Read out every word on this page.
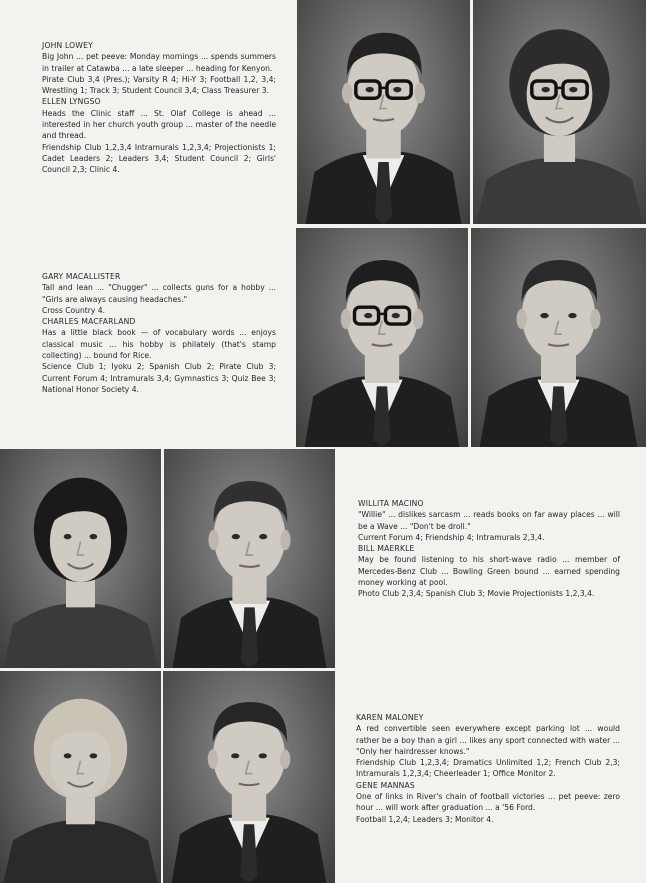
JOHN LOWEY
Big John ... pet peeve: Monday mornings ... spends summers in trailer at Catawba ... a late sleeper ... heading for Kenyon.
Pirate Club 3,4 (Pres.); Varsity R 4; Hi-Y 3; Football 1,2, 3,4; Wrestling 1; Track 3; Student Council 3,4; Class Treasurer 3.
ELLEN LYNGSO
Heads the Clinic staff ... St. Olaf College is ahead ... interested in her church youth group ... master of the needle and thread.
Friendship Club 1,2,3,4 Intramurals 1,2,3,4; Projectionists 1; Cadet Leaders 2; Leaders 3,4; Student Council 2; Girls' Council 2,3; Clinic 4.
GARY MACALLISTER
Tall and lean ... "Chugger" ... collects guns for a hobby ... "Girls are always causing headaches."
Cross Country 4.
CHARLES MACFARLAND
Has a little black book — of vocabulary words ... enjoys classical music ... his hobby is philately (that's stamp collecting) ... bound for Rice.
Science Club 1; Iyoku 2; Spanish Club 2; Pirate Club 3; Current Forum 4; Intramurals 3,4; Gymnastics 3; Quiz Bee 3; National Honor Society 4.
WILLITA MACINO
"Willie" ... dislikes sarcasm ... reads books on far away places ... will be a Wave ... "Don't be droll."
Current Forum 4; Friendship 4; Intramurals 2,3,4.
BILL MAERKLE
May be found listening to his short-wave radio ... member of Mercedes-Benz Club ... Bowling Green bound ... earned spending money working at pool.
Photo Club 2,3,4; Spanish Club 3; Movie Projectionists 1,2,3,4.
KAREN MALONEY
A red convertible seen everywhere except parking lot ... would rather be a boy than a girl ... likes any sport connected with water ... "Only her hairdresser knows."
Friendship Club 1,2,3,4; Dramatics Unlimited 1,2; French Club 2,3; Intramurals 1,2,3,4; Cheerleader 1; Office Monitor 2.
GENE MANNAS
One of links in River's chain of football victories ... pet peeve: zero hour ... will work after graduation ... a '56 Ford.
Football 1,2,4; Leaders 3; Monitor 4.
